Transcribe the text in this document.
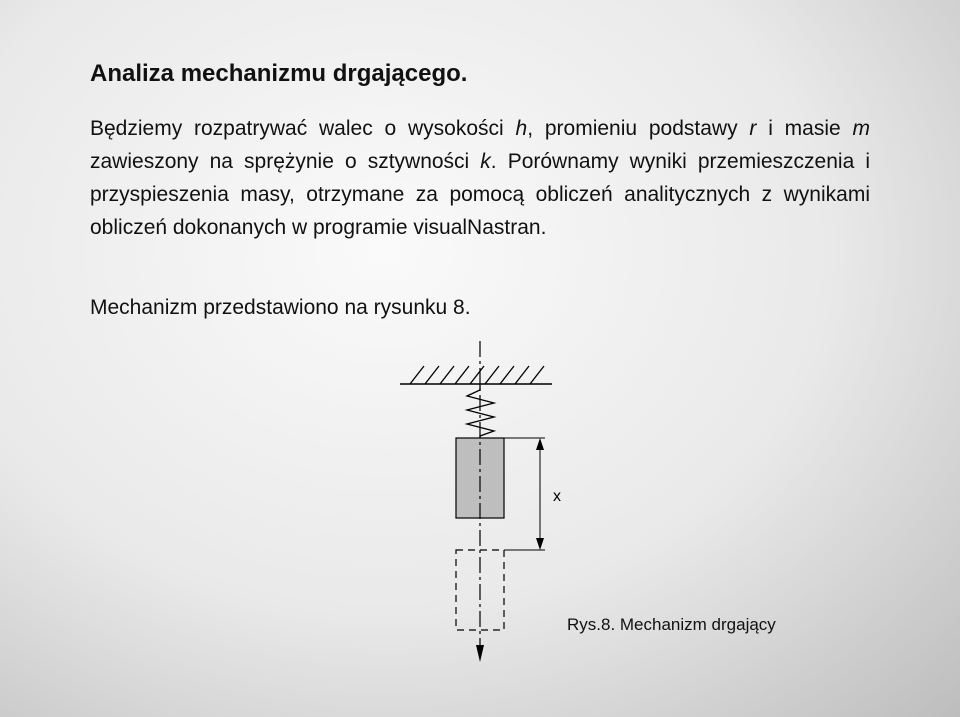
Analiza mechanizmu drgającego.
Będziemy rozpatrywać walec o wysokości h, promieniu podstawy r i masie m zawieszony na sprężynie o sztywności k. Porównamy wyniki przemieszczenia i przyspieszenia masy, otrzymane za pomocą obliczeń analitycznych z wynikami obliczeń dokonanych w programie visualNastran.
Mechanizm przedstawiono na rysunku 8.
x
Rys.8. Mechanizm drgający
